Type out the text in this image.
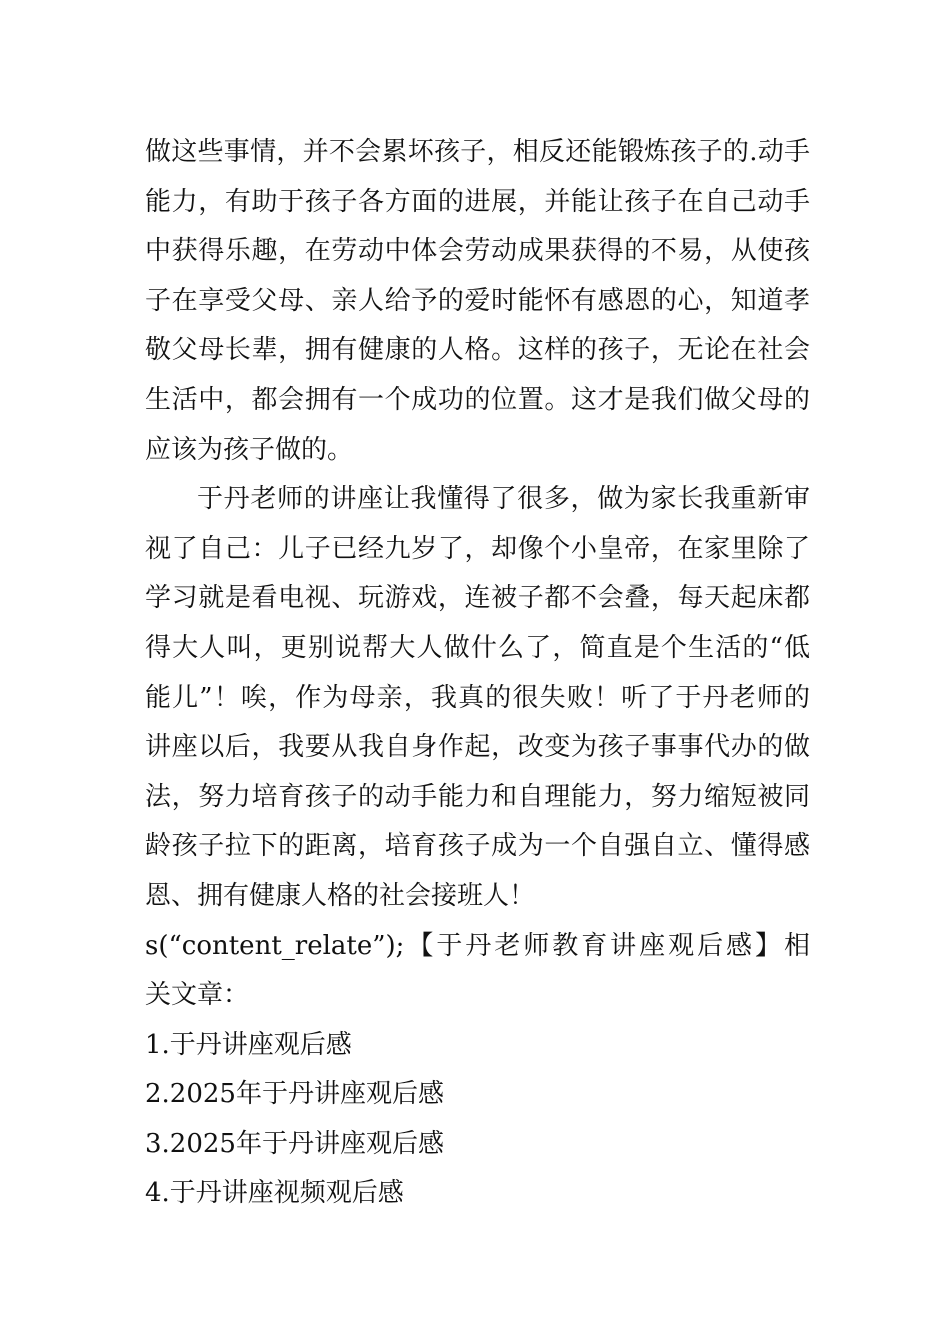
做这些事情，并不会累坏孩子，相反还能锻炼孩子的.动手
能力，有助于孩子各方面的进展，并能让孩子在自己动手
中获得乐趣，在劳动中体会劳动成果获得的不易，从使孩
子在享受父母、亲人给予的爱时能怀有感恩的心，知道孝
敬父母长辈，拥有健康的人格。这样的孩子，无论在社会
生活中，都会拥有一个成功的位置。这才是我们做父母的
应该为孩子做的。
于丹老师的讲座让我懂得了很多，做为家长我重新审
视了自己：儿子已经九岁了，却像个小皇帝，在家里除了
学习就是看电视、玩游戏，连被子都不会叠，每天起床都
得大人叫，更别说帮大人做什么了，简直是个生活的“低
能儿”！唉，作为母亲，我真的很失败！听了于丹老师的
讲座以后，我要从我自身作起，改变为孩子事事代办的做
法，努力培育孩子的动手能力和自理能力，努力缩短被同
龄孩子拉下的距离，培育孩子成为一个自强自立、懂得感
恩、拥有健康人格的社会接班人！
s(“content_relate”);【于丹老师教育讲座观后感】相
关文章：
1.于丹讲座观后感
2.2025年于丹讲座观后感
3.2025年于丹讲座观后感
4.于丹讲座视频观后感
